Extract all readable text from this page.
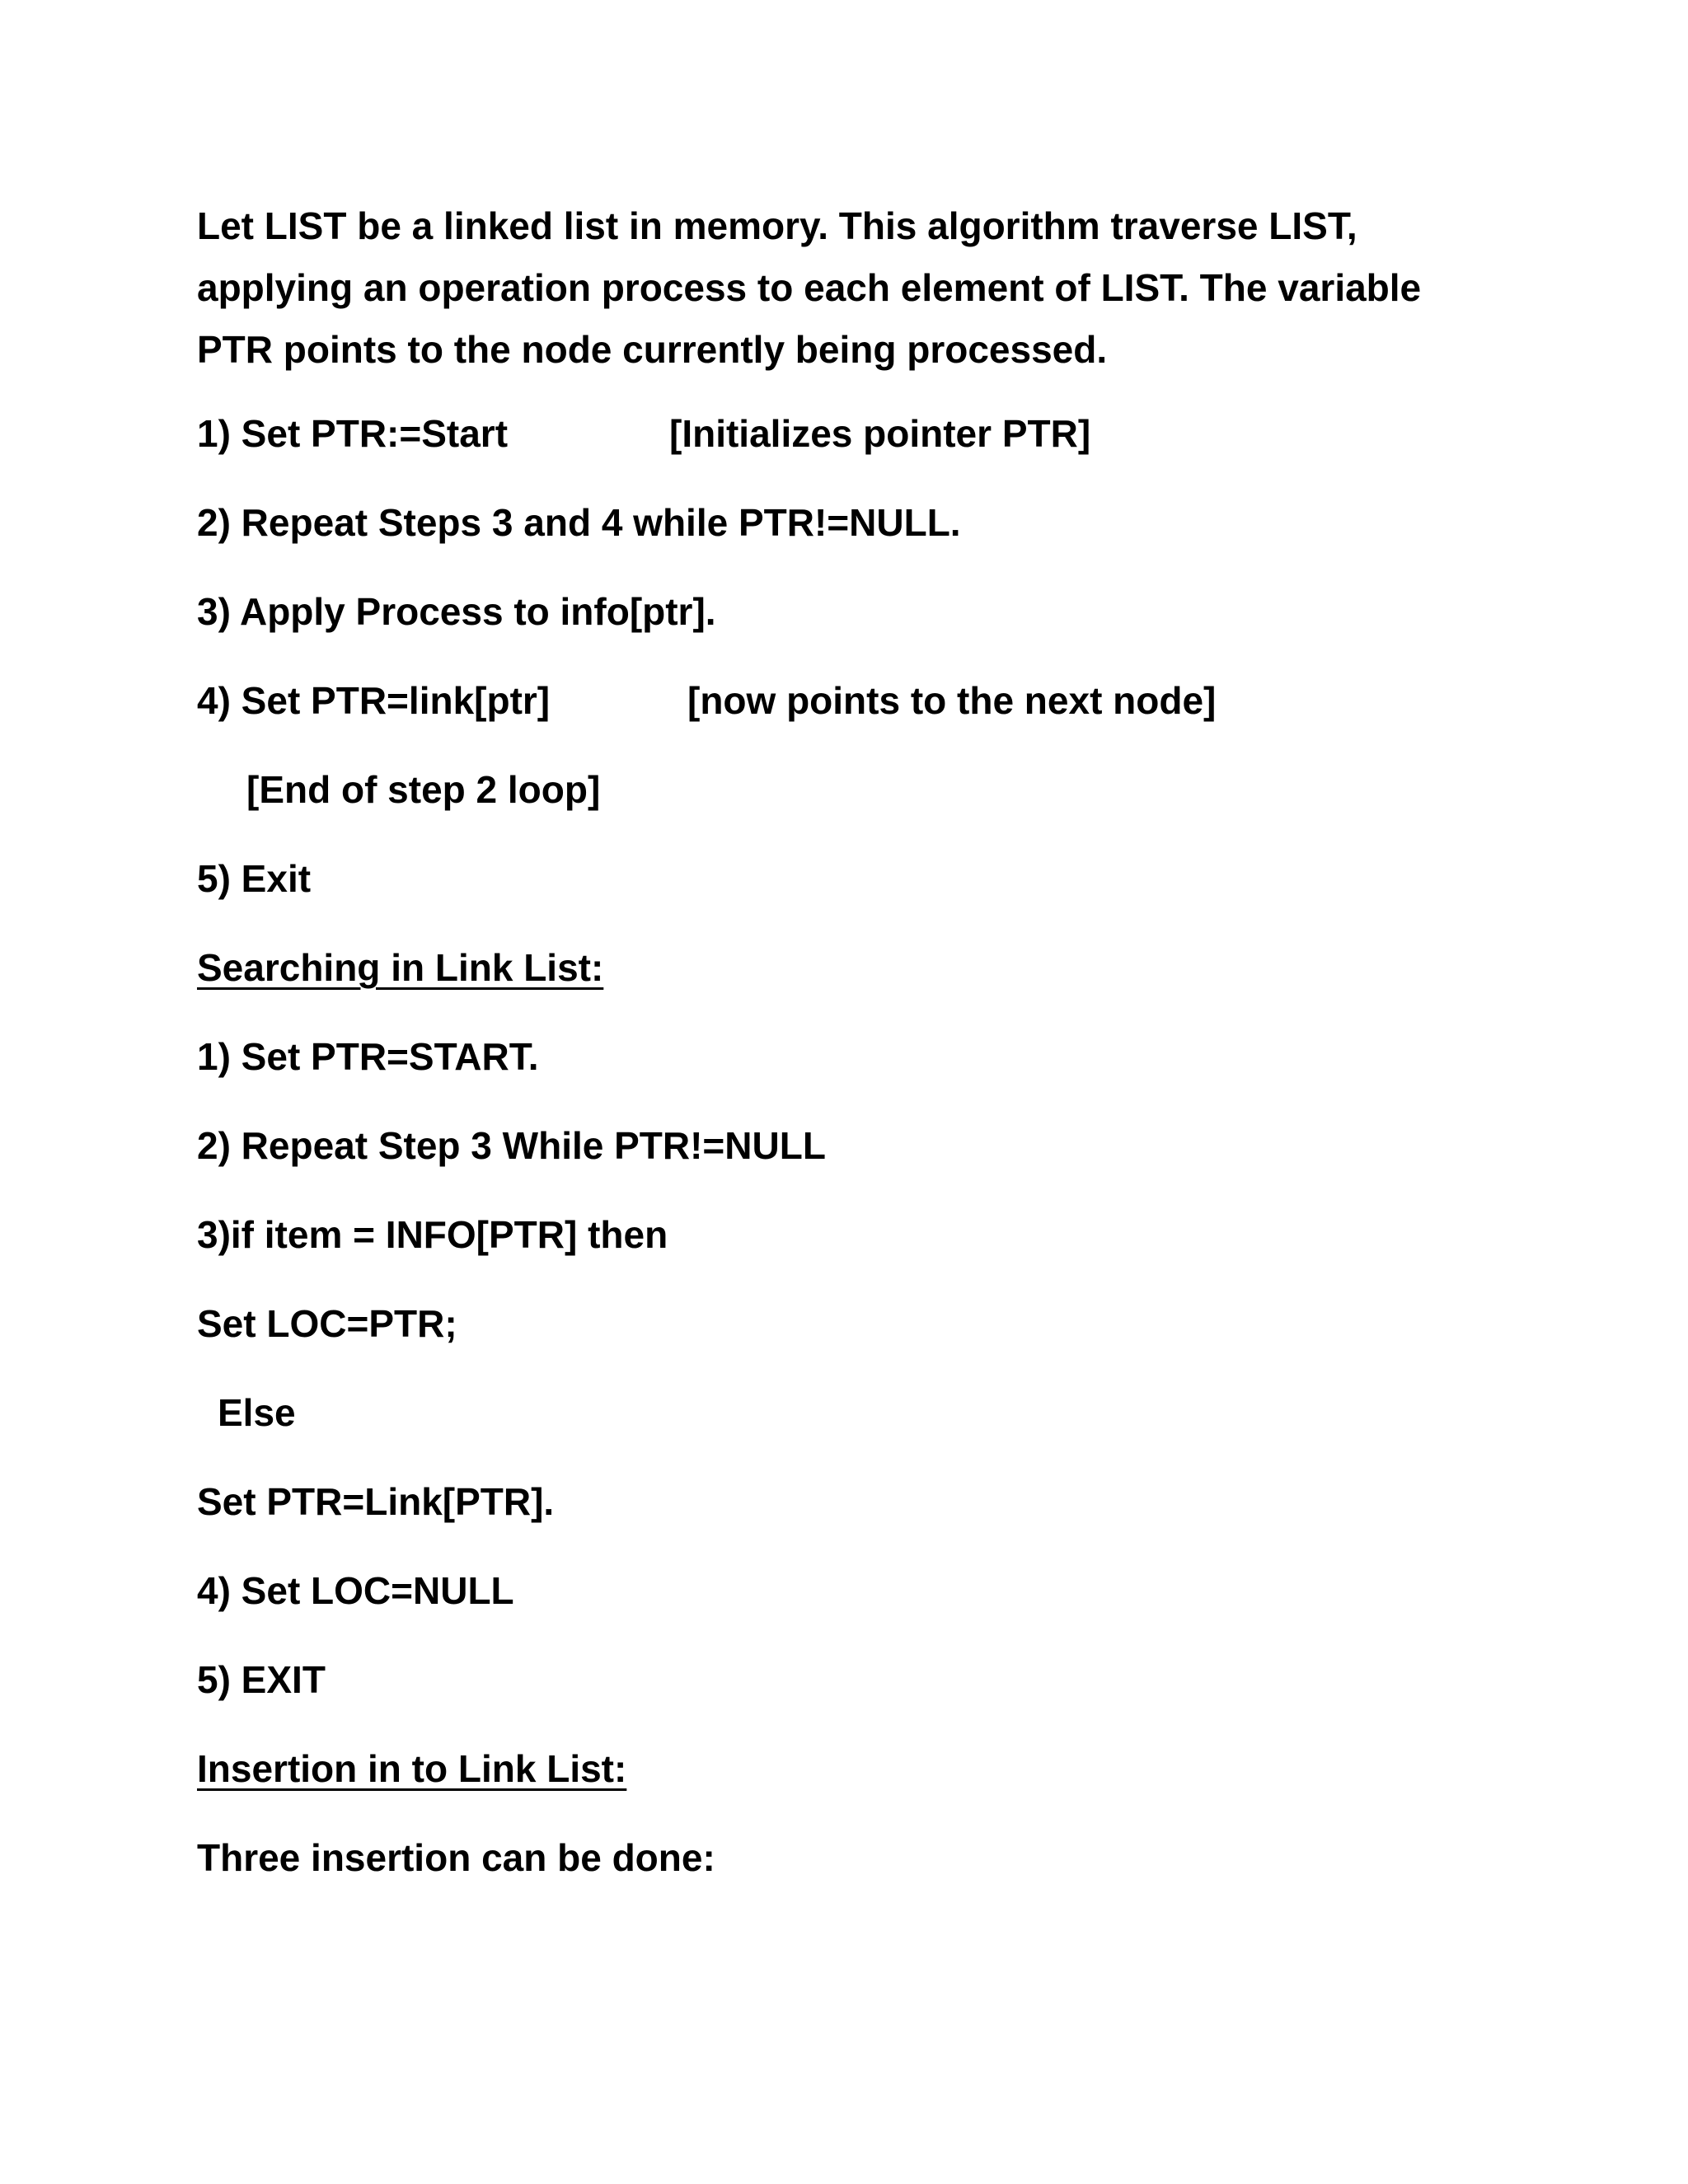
Let LIST be a linked list in memory. This algorithm traverse LIST,
applying an operation process to each element of LIST. The variable
PTR points to the node currently being processed.
1) Set PTR:=Start	[Initializes pointer PTR]
2) Repeat Steps 3 and 4 while PTR!=NULL.
3) Apply Process to info[ptr].
4) Set PTR=link[ptr]	[now points to the next node]
[End of step 2 loop]
5) Exit
Searching in Link List:
1) Set PTR=START.
2) Repeat Step 3 While PTR!=NULL
3)if item = INFO[PTR] then
Set LOC=PTR;
Else
Set PTR=Link[PTR].
4) Set LOC=NULL
5) EXIT
Insertion in to Link List:
Three insertion can be done:
